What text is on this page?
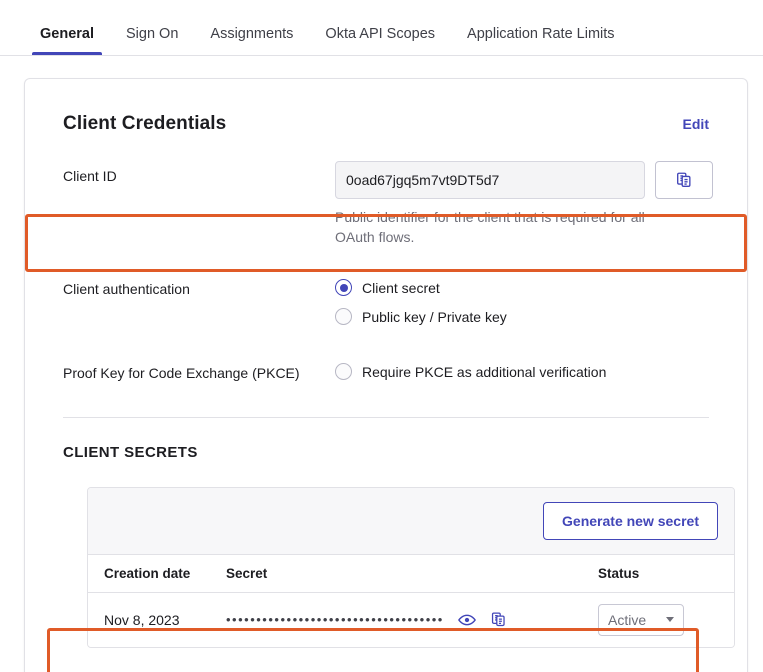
General	Sign On	Assignments	Okta API Scopes	Application Rate Limits
Client Credentials	Edit
Client ID
0oad67jgq5m7vt9DT5d7
Public identifier for the client that is required for all OAuth flows.
Client authentication	Client secret
Public key / Private key
Proof Key for Code Exchange (PKCE)	Require PKCE as additional verification
CLIENT SECRETS
Generate new secret
Creation date	Secret	Status
Nov 8, 2023	••••••••••••••••••••••••••••••••••••	Active
